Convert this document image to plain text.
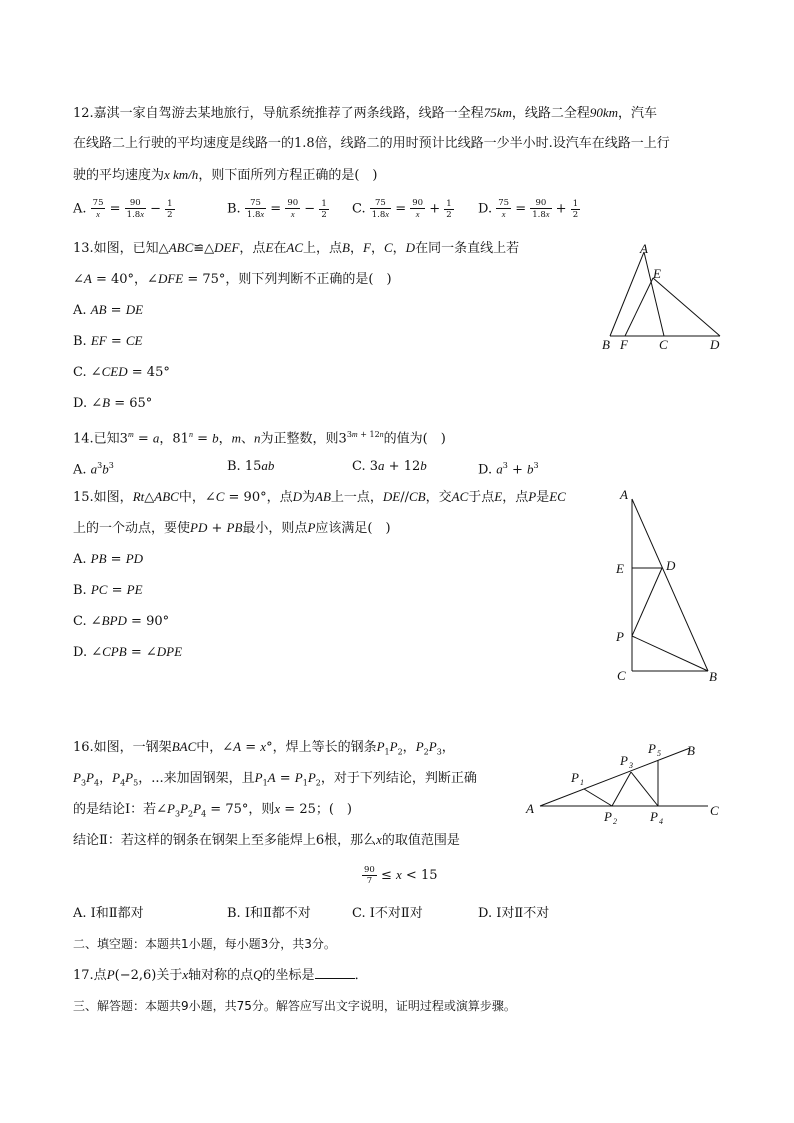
12.嘉淇一家自驾游去某地旅行，导航系统推荐了两条线路，线路一全程75km，线路二全程90km，汽车
在线路二上行驶的平均速度是线路一的1.8倍，线路二的用时预计比线路一少半小时.设汽车在线路一上行
驶的平均速度为x km/h，则下面所列方程正确的是(　)
A. $\frac{75}{x} = \frac{90}{1.8x} - \frac{1}{2}$	B. $\frac{75}{1.8x} = \frac{90}{x} - \frac{1}{2} C$. $\frac{75}{1.8x} = \frac{90}{x} + \frac{1}{2} D$. $\frac{75}{x} = \frac{90}{1.8x} + \frac{1}{2}$
13.如图，已知△ABC≌△DEF，点E在AC上，点B，F，C，D在同一条直线上若
∠A = 40°，∠DFE = 75°，则下列判断不正确的是(　)
A. AB = DE
B. EF = CE
C. ∠CED = 45°
D. ∠B = 65°
A
E
B F C	D
14.已知$3^m = a$，$81^n = b$，m、n为正整数，则$3^{3m + 12n}$的值为(　)
A. $a^3b^3$	B. 15ab	C. 3a + 12b	D. $a^3 + b^3$
15.如图，Rt△ABC中，∠C = 90°，点D为AB上一点，DE//CB，交AC于点E，点P是EC
上的一个动点，要使PD + PB最小，则点P应该满足(　)
A. PB = PD
B. PC = PE
C. ∠BPD = 90°
D. ∠CPB = ∠DPE
A
E	D
P
C	B
16.如图，一钢架BAC中，∠A = x°，焊上等长的钢条$P_1P_2$，$P_2P_3$，
$P_3P_4$，$P_4P_5$，...来加固钢架，且$P_1A = P_1P_2$，对于下列结论，判断正确
的是结论Ⅰ：若$\angle P_3P_2P_4 = 75^\circ$，则x = 25；(　)
结论Ⅱ：若这样的钢条在钢架上至多能焊上6根，那么x的取值范围是
$\frac{90}{7} \le x < 15$
A. Ⅰ和Ⅱ都对	B. Ⅰ和Ⅱ都不对	C. Ⅰ不对Ⅱ对	D. Ⅰ对Ⅱ不对
A
B
C
P 1
P 2
P 3
P 4
P 5
二、填空题：本题共1小题，每小题3分，共3分。
17.点P(−2,6)关于x轴对称的点Q的坐标是	．
三、解答题：本题共9小题，共75分。解答应写出文字说明，证明过程或演算步骤。
